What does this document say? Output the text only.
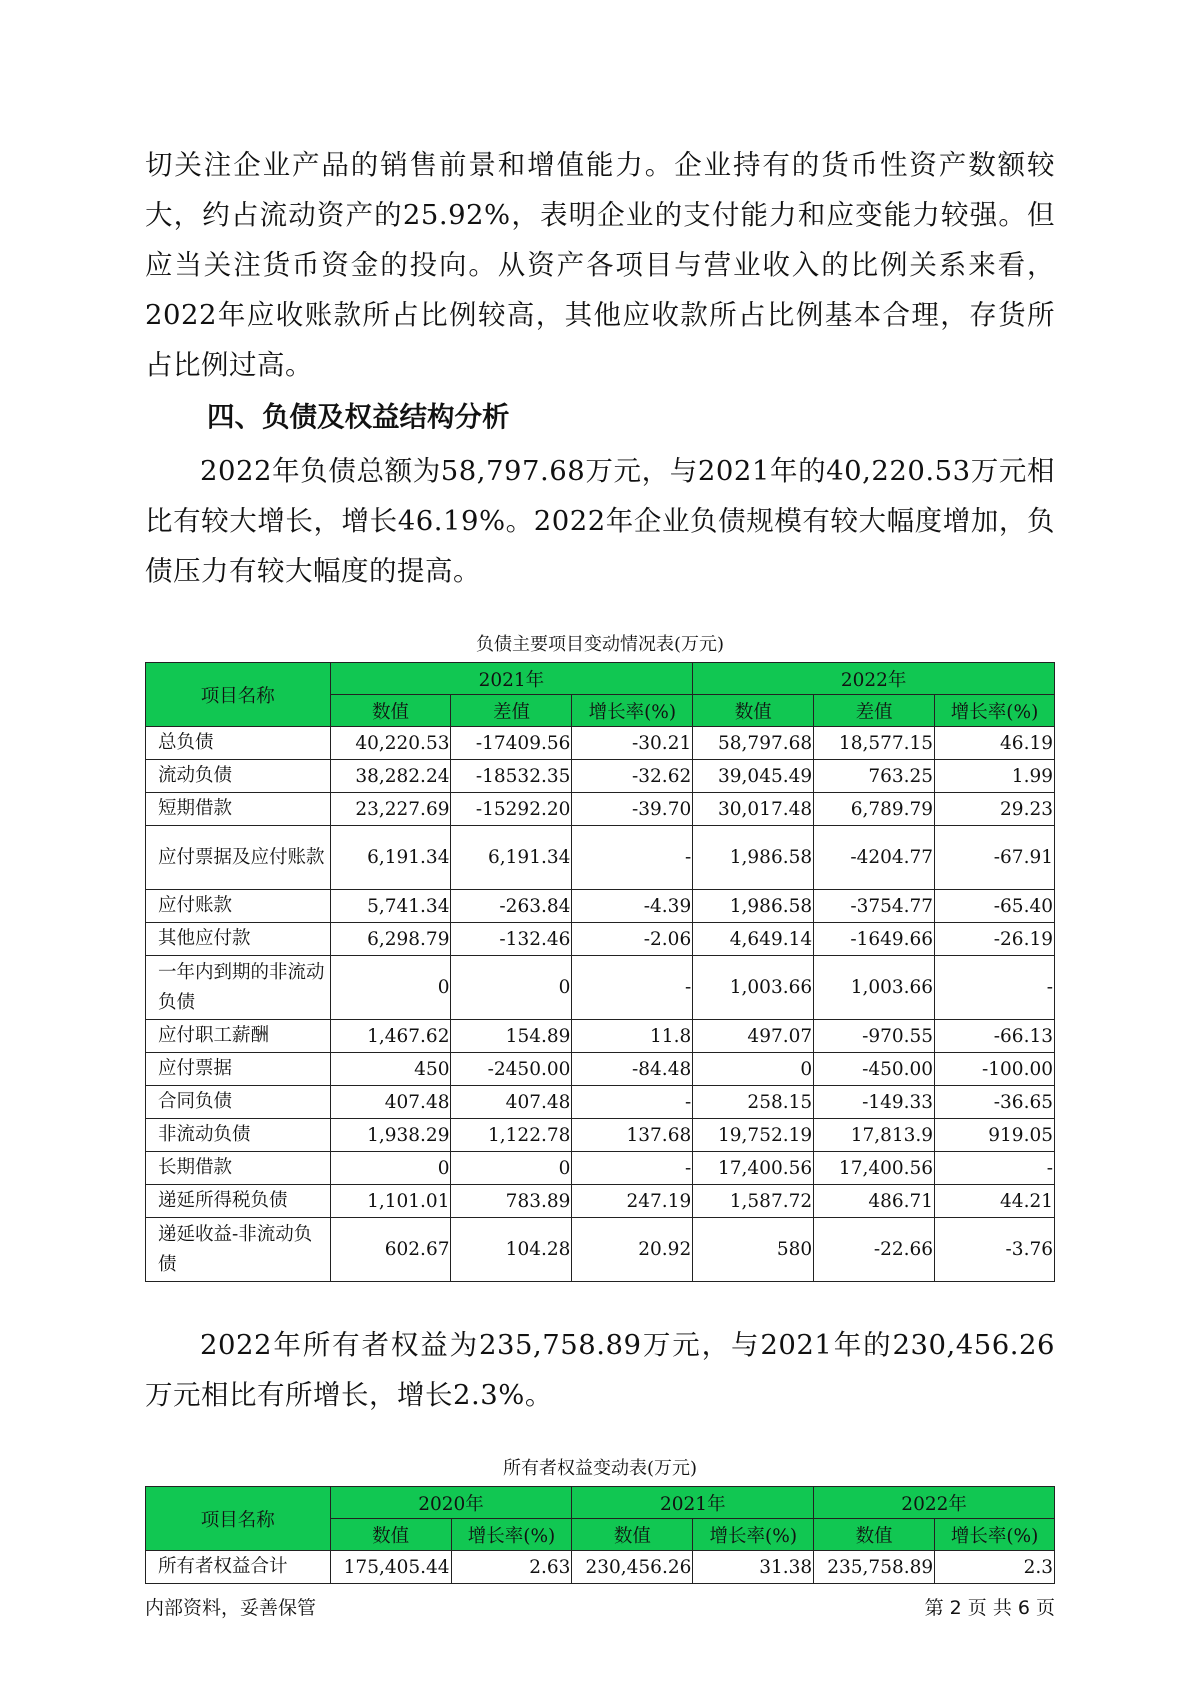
切关注企业产品的销售前景和增值能力。企业持有的货币性资产数额较大，约占流动资产的25.92%，表明企业的支付能力和应变能力较强。但应当关注货币资金的投向。从资产各项目与营业收入的比例关系来看，2022年应收账款所占比例较高，其他应收款所占比例基本合理，存货所占比例过高。

四、负债及权益结构分析

2022年负债总额为58,797.68万元，与2021年的40,220.53万元相比有较大增长，增长46.19%。2022年企业负债规模有较大幅度增加，负债压力有较大幅度的提高。

负债主要项目变动情况表(万元)

项目名称	2021年			2022年		
	数值	差值	增长率(%)	数值	差值	增长率(%)
总负债	40,220.53	-17409.56	-30.21	58,797.68	18,577.15	46.19
流动负债	38,282.24	-18532.35	-32.62	39,045.49	763.25	1.99
短期借款	23,227.69	-15292.20	-39.70	30,017.48	6,789.79	29.23
应付票据及应付账款	6,191.34	6,191.34	-	1,986.58	-4204.77	-67.91
应付账款	5,741.34	-263.84	-4.39	1,986.58	-3754.77	-65.40
其他应付款	6,298.79	-132.46	-2.06	4,649.14	-1649.66	-26.19
一年内到期的非流动负债	0	0	-	1,003.66	1,003.66	-
应付职工薪酬	1,467.62	154.89	11.8	497.07	-970.55	-66.13
应付票据	450	-2450.00	-84.48	0	-450.00	-100.00
合同负债	407.48	407.48	-	258.15	-149.33	-36.65
非流动负债	1,938.29	1,122.78	137.68	19,752.19	17,813.9	919.05
长期借款	0	0	-	17,400.56	17,400.56	-
递延所得税负债	1,101.01	783.89	247.19	1,587.72	486.71	44.21
递延收益-非流动负债	602.67	104.28	20.92	580	-22.66	-3.76

2022年所有者权益为235,758.89万元，与2021年的230,456.26万元相比有所增长，增长2.3%。

所有者权益变动表(万元)

项目名称	2020年		2021年		2022年	
	数值	增长率(%)	数值	增长率(%)	数值	增长率(%)
所有者权益合计	175,405.44	2.63	230,456.26	31.38	235,758.89	2.3
内部资料，妥善保管	第 2 页 共 6 页
